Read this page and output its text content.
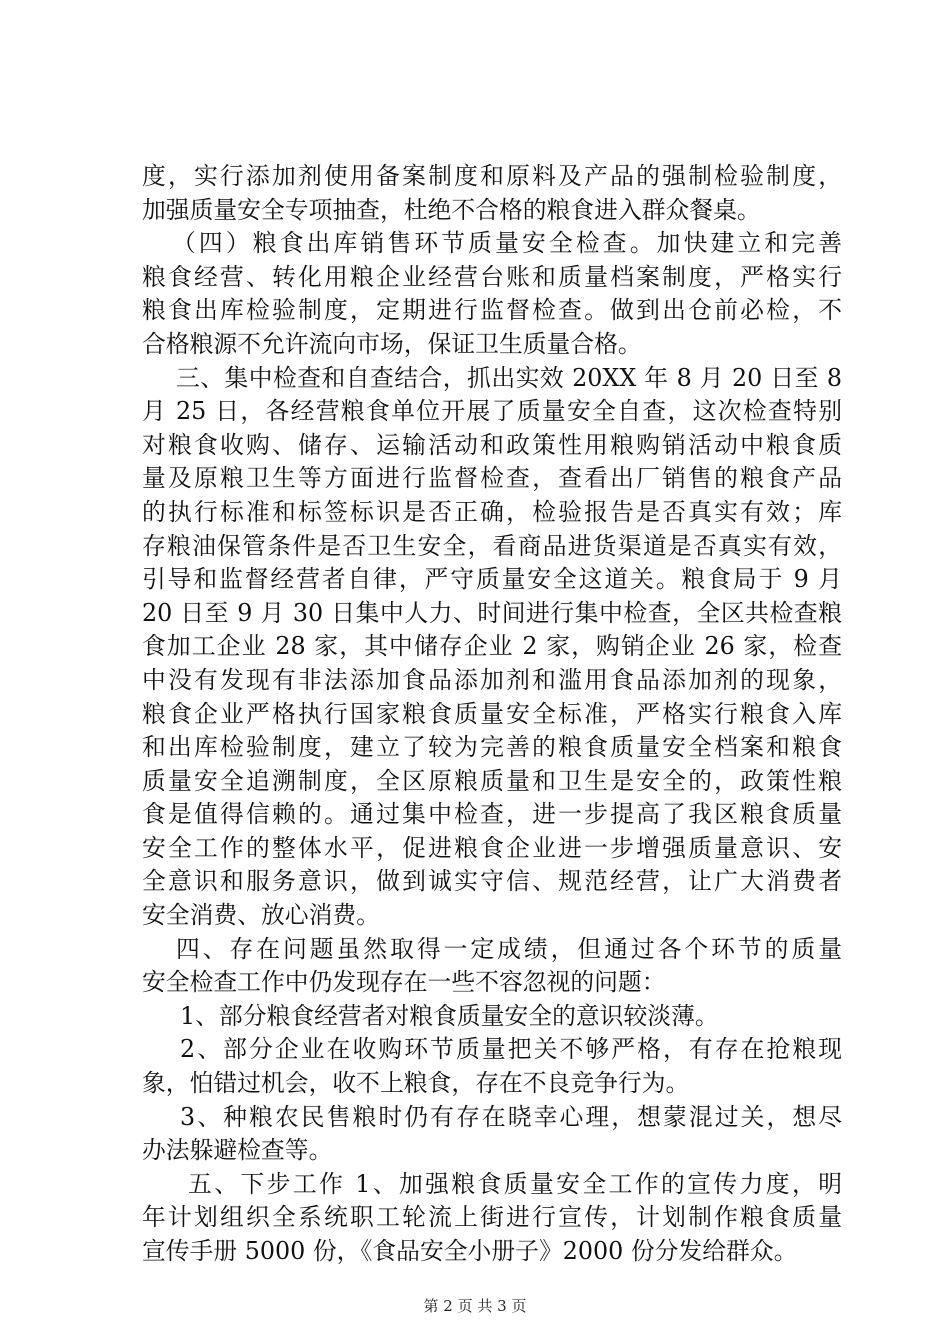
度，实行添加剂使用备案制度和原料及产品的强制检验制度，
加强质量安全专项抽查，杜绝不合格的粮食进入群众餐桌。
（四）粮食出库销售环节质量安全检查。加快建立和完善
粮食经营、转化用粮企业经营台账和质量档案制度，严格实行
粮食出库检验制度，定期进行监督检查。做到出仓前必检，不
合格粮源不允许流向市场，保证卫生质量合格。
三、集中检查和自查结合，抓出实效 20XX 年 8 月 20 日至 8
月 25 日，各经营粮食单位开展了质量安全自查，这次检查特别
对粮食收购、储存、运输活动和政策性用粮购销活动中粮食质
量及原粮卫生等方面进行监督检查，查看出厂销售的粮食产品
的执行标准和标签标识是否正确，检验报告是否真实有效；库
存粮油保管条件是否卫生安全，看商品进货渠道是否真实有效，
引导和监督经营者自律，严守质量安全这道关。粮食局于 9 月
20 日至 9 月 30 日集中人力、时间进行集中检查，全区共检查粮
食加工企业 28 家，其中储存企业 2 家，购销企业 26 家，检查
中没有发现有非法添加食品添加剂和滥用食品添加剂的现象，
粮食企业严格执行国家粮食质量安全标准，严格实行粮食入库
和出库检验制度，建立了较为完善的粮食质量安全档案和粮食
质量安全追溯制度，全区原粮质量和卫生是安全的，政策性粮
食是值得信赖的。通过集中检查，进一步提高了我区粮食质量
安全工作的整体水平，促进粮食企业进一步增强质量意识、安
全意识和服务意识，做到诚实守信、规范经营，让广大消费者
安全消费、放心消费。
四、存在问题虽然取得一定成绩，但通过各个环节的质量
安全检查工作中仍发现存在一些不容忽视的问题：
1、部分粮食经营者对粮食质量安全的意识较淡薄。
2、部分企业在收购环节质量把关不够严格，有存在抢粮现
象，怕错过机会，收不上粮食，存在不良竞争行为。
3、种粮农民售粮时仍有存在晓幸心理，想蒙混过关，想尽
办法躲避检查等。
五、下步工作 1、加强粮食质量安全工作的宣传力度，明
年计划组织全系统职工轮流上街进行宣传，计划制作粮食质量
宣传手册 5000 份，《食品安全小册子》2000 份分发给群众。
第 2 页 共 3 页
